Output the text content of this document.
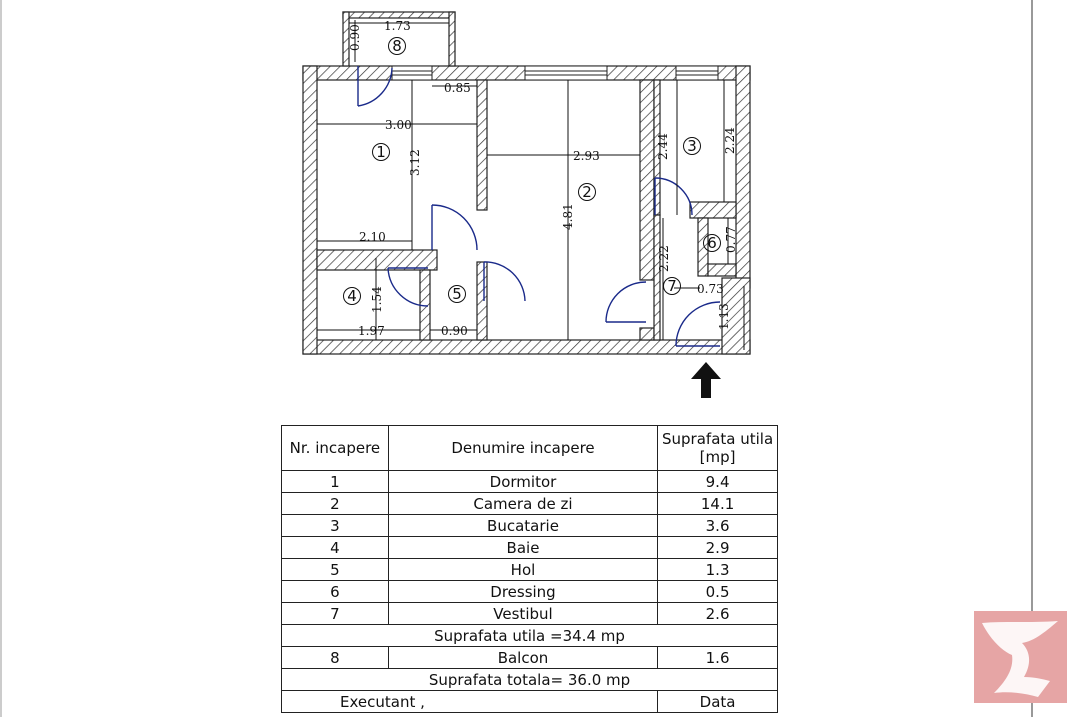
1.73
0.90
0.85
3.00
3.12
2.10
2.93
4.81
2.44	2.24
0.77
2.22
0.73
1.13
1.54
1.97	0.90
1
2
3
4	5
6
7
8
Nr. incapere	Denumire incapere	Suprafata utila
[mp]
1	Dormitor	9.4
2	Camera de zi	14.1
3	Bucatarie	3.6
4	Baie	2.9
5	Hol	1.3
6	Dressing	0.5
7	Vestibul	2.6
Suprafata utila =34.4 mp		
8	Balcon	1.6
Suprafata totala= 36.0 mp		
Executant ,		Data
